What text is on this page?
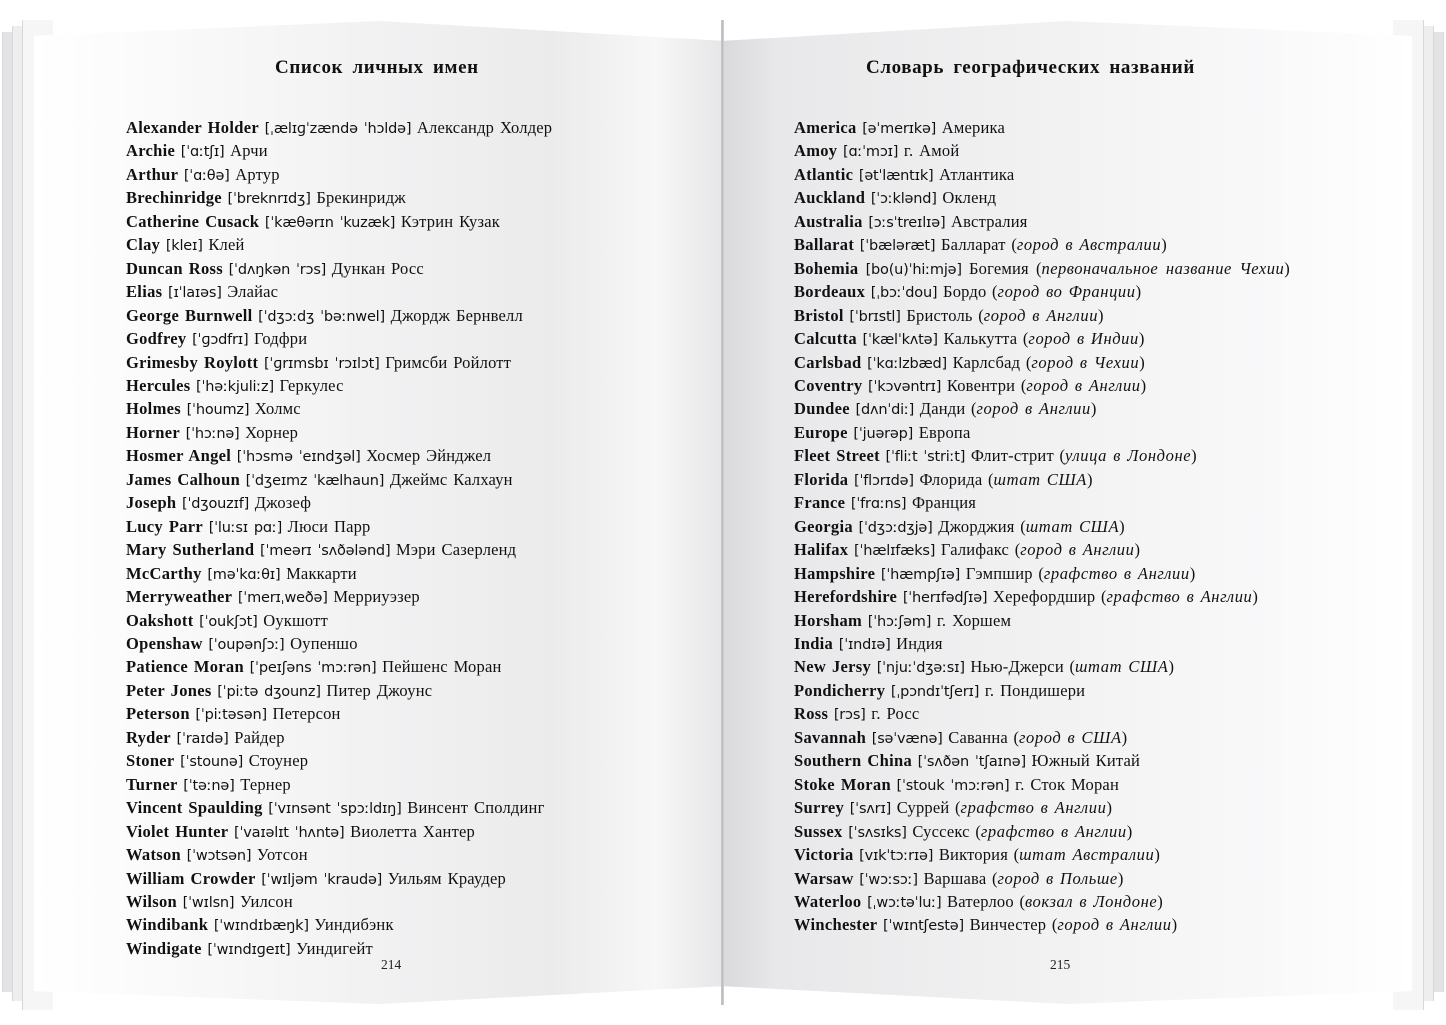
Список личных имен	Словарь географических названий
Alexander Holder [ˌælɪɡˈzændə ˈhɔldə] Александр Холдер
Archie [ˈɑːtʃɪ] Арчи
Arthur [ˈɑːθə] Артур
Brechinridge [ˈbreknrɪdʒ] Брекинридж
Catherine Cusack [ˈkæθərɪn ˈkuzæk] Кэтрин Кузак
Clay [kleɪ] Клей
Duncan Ross [ˈdʌŋkən ˈrɔs] Дункан Росс
Elias [ɪˈlaɪəs] Элайас
George Burnwell [ˈdʒɔːdʒ ˈbəːnwel] Джордж Бернвелл
Godfrey [ˈɡɔdfrɪ] Годфри
Grimesby Roylott [ˈɡrɪmsbɪ ˈrɔɪlɔt] Гримсби Ройлотт
Hercules [ˈhəːkjuliːz] Геркулес
Holmes [ˈhoumz] Холмс
Horner [ˈhɔːnə] Хорнер
Hosmer Angel [ˈhɔsmə ˈeɪndʒəl] Хосмер Эйнджел
James Calhoun [ˈdʒeɪmz ˈkælhaun] Джеймс Калхаун
Joseph [ˈdʒouzɪf] Джозеф
Lucy Parr [ˈluːsɪ pɑː] Люси Парр
Mary Sutherland [ˈmeərɪ ˈsʌðələnd] Мэри Сазерленд
McCarthy [məˈkɑːθɪ] Маккарти
Merryweather [ˈmerɪˌweðə] Мерриуэзер
Oakshott [ˈoukʃɔt] Оукшотт
Openshaw [ˈoupənʃɔː] Оупеншо
Patience Moran [ˈpeɪʃəns ˈmɔːrən] Пейшенс Моран
Peter Jones [ˈpiːtə dʒounz] Питер Джоунс
Peterson [ˈpiːtəsən] Петерсон
Ryder [ˈraɪdə] Райдер
Stoner [ˈstounə] Стоунер
Turner [ˈtəːnə] Тернер
Vincent Spaulding [ˈvɪnsənt ˈspɔːldɪŋ] Винсент Сполдинг
Violet Hunter [ˈvaɪəlɪt ˈhʌntə] Виолетта Хантер
Watson [ˈwɔtsən] Уотсон
William Crowder [ˈwɪljəm ˈkraudə] Уильям Краудер
Wilson [ˈwɪlsn] Уилсон
Windibank [ˈwɪndɪbæŋk] Уиндибэнк
Windigate [ˈwɪndɪɡeɪt] Уиндигейт
America [əˈmerɪkə] Америка
Amoy [ɑːˈmɔɪ] г. Амой
Atlantic [ətˈlæntɪk] Атлантика
Auckland [ˈɔːklənd] Окленд
Australia [ɔːsˈtreɪlɪə] Австралия
Ballarat [ˈbælərӕt] Балларат (город в Австралии)
Bohemia [bo(u)ˈhiːmjə] Богемия (первоначальное название Чехии)
Bordeaux [ˌbɔːˈdou] Бордо (город во Франции)
Bristol [ˈbrɪstl] Бристоль (город в Англии)
Calcutta [ˈkælˈkʌtə] Калькутта (город в Индии)
Carlsbad [ˈkɑːlzbæd] Карлсбад (город в Чехии)
Coventry [ˈkɔvəntrɪ] Ковентри (город в Англии)
Dundee [dʌnˈdiː] Данди (город в Англии)
Europe [ˈjuərəp] Европа
Fleet Street [ˈfliːt ˈstriːt] Флит-стрит (улица в Лондоне)
Florida [ˈflɔrɪdə] Флорида (штат США)
France [ˈfrɑːns] Франция
Georgia [ˈdʒɔːdʒjə] Джорджия (штат США)
Halifax [ˈhælɪfæks] Галифакс (город в Англии)
Hampshire [ˈhæmpʃɪə] Гэмпшир (графство в Англии)
Herefordshire [ˈherɪfədʃɪə] Херефордшир (графство в Англии)
Horsham [ˈhɔːʃəm] г. Хоршем
India [ˈɪndɪə] Индия
New Jersy [ˈnjuːˈdʒəːsɪ] Нью-Джерси (штат США)
Pondicherry [ˌpɔndɪˈtʃerɪ] г. Пондишери
Ross [rɔs] г. Росс
Savannah [səˈvænə] Саванна (город в США)
Southern China [ˈsʌðən ˈtʃaɪnə] Южный Китай
Stoke Moran [ˈstouk ˈmɔːrən] г. Сток Моран
Surrey [ˈsʌrɪ] Суррей (графство в Англии)
Sussex [ˈsʌsɪks] Суссекс (графство в Англии)
Victoria [vɪkˈtɔːrɪə] Виктория (штат Австралии)
Warsaw [ˈwɔːsɔː] Варшава (город в Польше)
Waterloo [ˌwɔːtəˈluː] Ватерлоо (вокзал в Лондоне)
Winchester [ˈwɪntʃestə] Винчестер (город в Англии)
214	215
